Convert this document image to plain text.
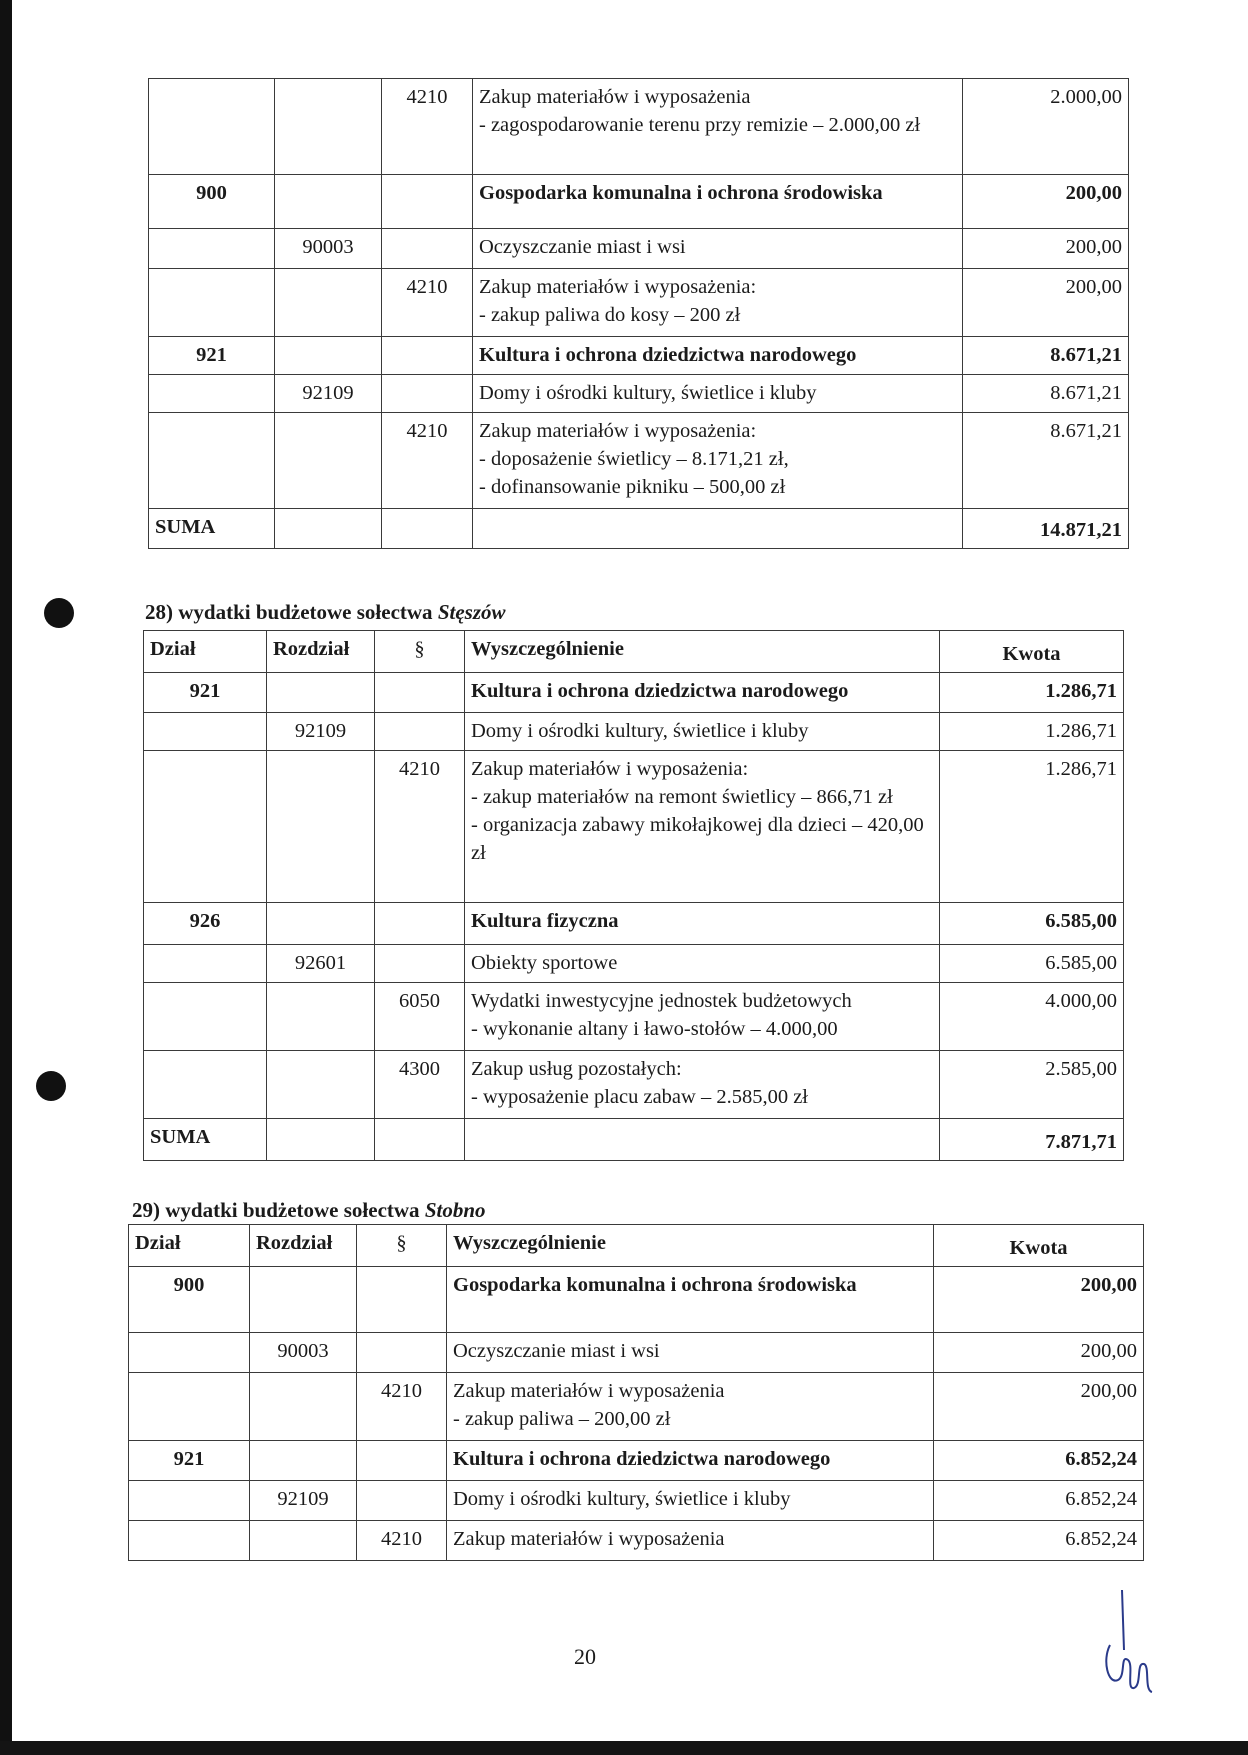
		4210	Zakup materiałów i wyposażenia
- zagospodarowanie terenu przy remizie – 2.000,00 zł	2.000,00
900			Gospodarka komunalna i ochrona środowiska	200,00
	90003		Oczyszczanie miast i wsi	200,00
		4210	Zakup materiałów i wyposażenia:
- zakup paliwa do kosy – 200 zł	200,00
921			Kultura i ochrona dziedzictwa narodowego	8.671,21
	92109		Domy i ośrodki kultury, świetlice i kluby	8.671,21
		4210	Zakup materiałów i wyposażenia:
- doposażenie świetlicy – 8.171,21 zł,
- dofinansowanie pikniku – 500,00 zł	8.671,21
SUMA				14.871,21
28) wydatki budżetowe sołectwa Stęszów
Dział	Rozdział	§	Wyszczególnienie	Kwota
921			Kultura i ochrona dziedzictwa narodowego	1.286,71
	92109		Domy i ośrodki kultury, świetlice i kluby	1.286,71
		4210	Zakup materiałów i wyposażenia:
- zakup materiałów na remont świetlicy – 866,71 zł
- organizacja zabawy mikołajkowej dla dzieci – 420,00 zł	1.286,71
926			Kultura fizyczna	6.585,00
	92601		Obiekty sportowe	6.585,00
		6050	Wydatki inwestycyjne jednostek budżetowych
- wykonanie altany i ławo-stołów – 4.000,00	4.000,00
		4300	Zakup usług pozostałych:
- wyposażenie placu zabaw – 2.585,00 zł	2.585,00
SUMA				7.871,71
29) wydatki budżetowe sołectwa Stobno
Dział	Rozdział	§	Wyszczególnienie	Kwota
900			Gospodarka komunalna i ochrona środowiska	200,00
	90003		Oczyszczanie miast i wsi	200,00
		4210	Zakup materiałów i wyposażenia
- zakup paliwa – 200,00 zł	200,00
921			Kultura i ochrona dziedzictwa narodowego	6.852,24
	92109		Domy i ośrodki kultury, świetlice i kluby	6.852,24
		4210	Zakup materiałów i wyposażenia	6.852,24
20
